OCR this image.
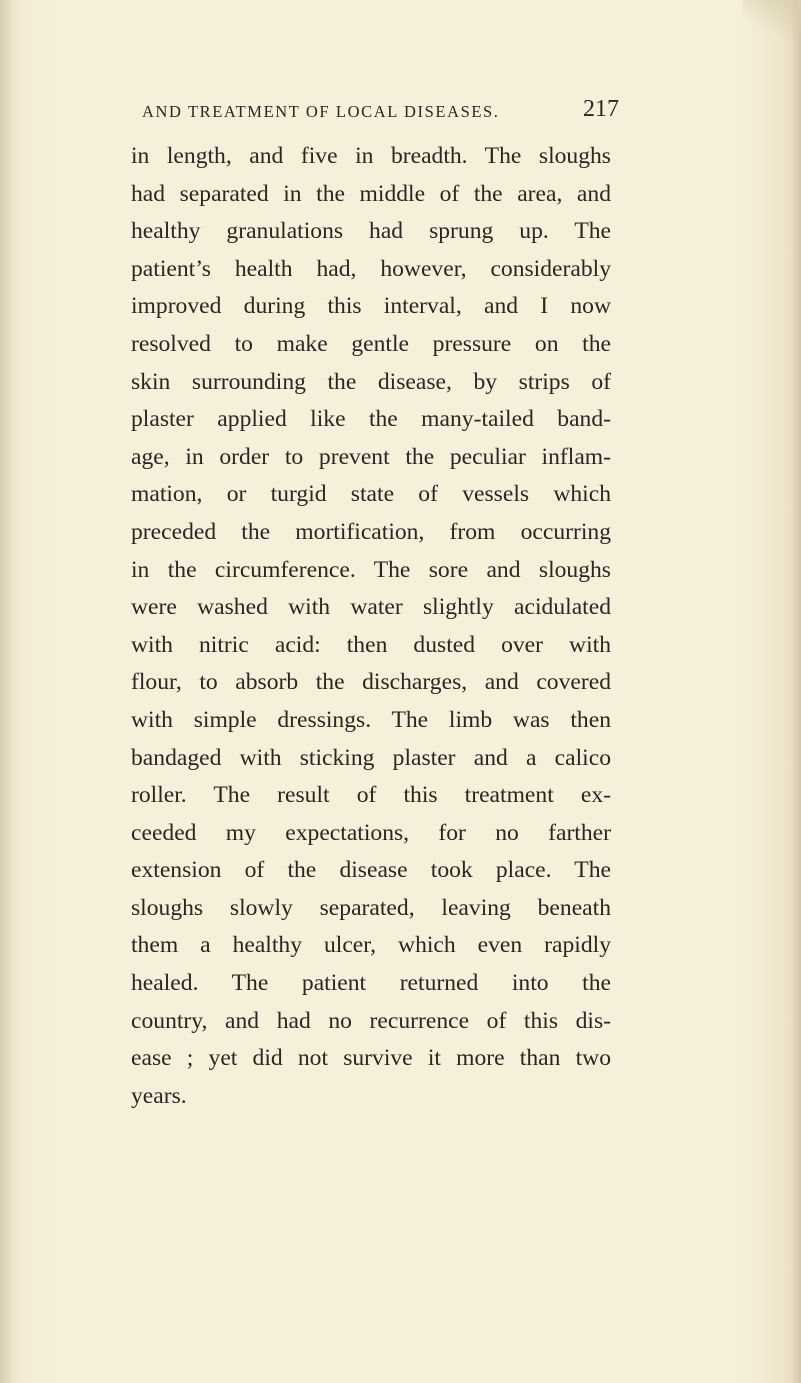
AND TREATMENT OF LOCAL DISEASES.	217
in length, and five in breadth. The sloughs
had separated in the middle of the area, and
healthy granulations had sprung up. The
patient’s health had, however, considerably
improved during this interval, and I now
resolved to make gentle pressure on the
skin surrounding the disease, by strips of
plaster applied like the many-tailed band-
age, in order to prevent the peculiar inflam-
mation, or turgid state of vessels which
preceded the mortification, from occurring
in the circumference. The sore and sloughs
were washed with water slightly acidulated
with nitric acid: then dusted over with
flour, to absorb the discharges, and covered
with simple dressings. The limb was then
bandaged with sticking plaster and a calico
roller. The result of this treatment ex-
ceeded my expectations, for no farther
extension of the disease took place. The
sloughs slowly separated, leaving beneath
them a healthy ulcer, which even rapidly
healed. The patient returned into the
country, and had no recurrence of this dis-
ease ; yet did not survive it more than two
years.
